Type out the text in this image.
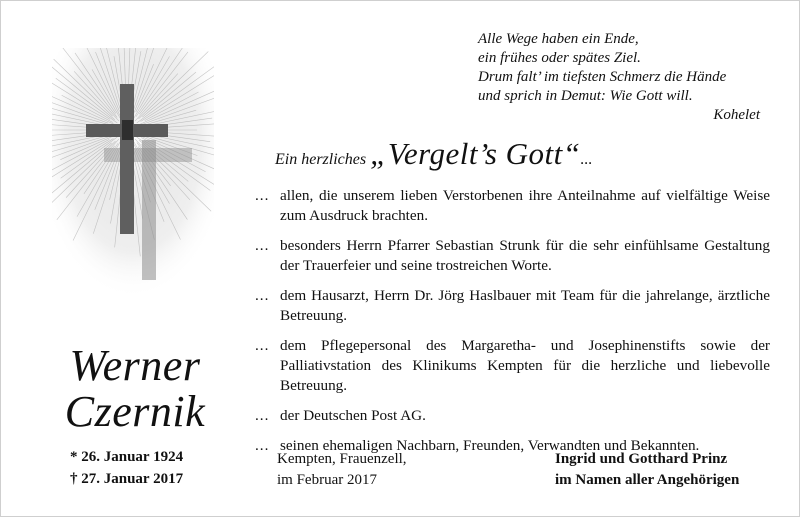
Alle Wege haben ein Ende,
ein frühes oder spätes Ziel.
Drum falt’ im tiefsten Schmerz die Hände
und sprich in Demut: Wie Gott will.
Kohelet
Ein herzliches „Vergelt’s Gott“...
... allen, die unserem lieben Verstorbenen ihre Anteilnahme auf vielfältige Weise zum Ausdruck brachten.
... besonders Herrn Pfarrer Sebastian Strunk für die sehr einfühlsame Gestaltung der Trauerfeier und seine trostreichen Worte.
... dem Hausarzt, Herrn Dr. Jörg Haslbauer mit Team für die jahrelange, ärztliche Betreuung.
... dem Pflegepersonal des Margaretha- und Josephinenstifts sowie der Palliativstation des Klinikums Kempten für die herzliche und liebevolle Betreuung.
... der Deutschen Post AG.
... seinen ehemaligen Nachbarn, Freunden, Verwandten und Bekannten.
Werner
Czernik
* 26. Januar 1924
† 27. Januar 2017
Kempten, Frauenzell,
im Februar 2017
Ingrid und Gotthard Prinz
im Namen aller Angehörigen
